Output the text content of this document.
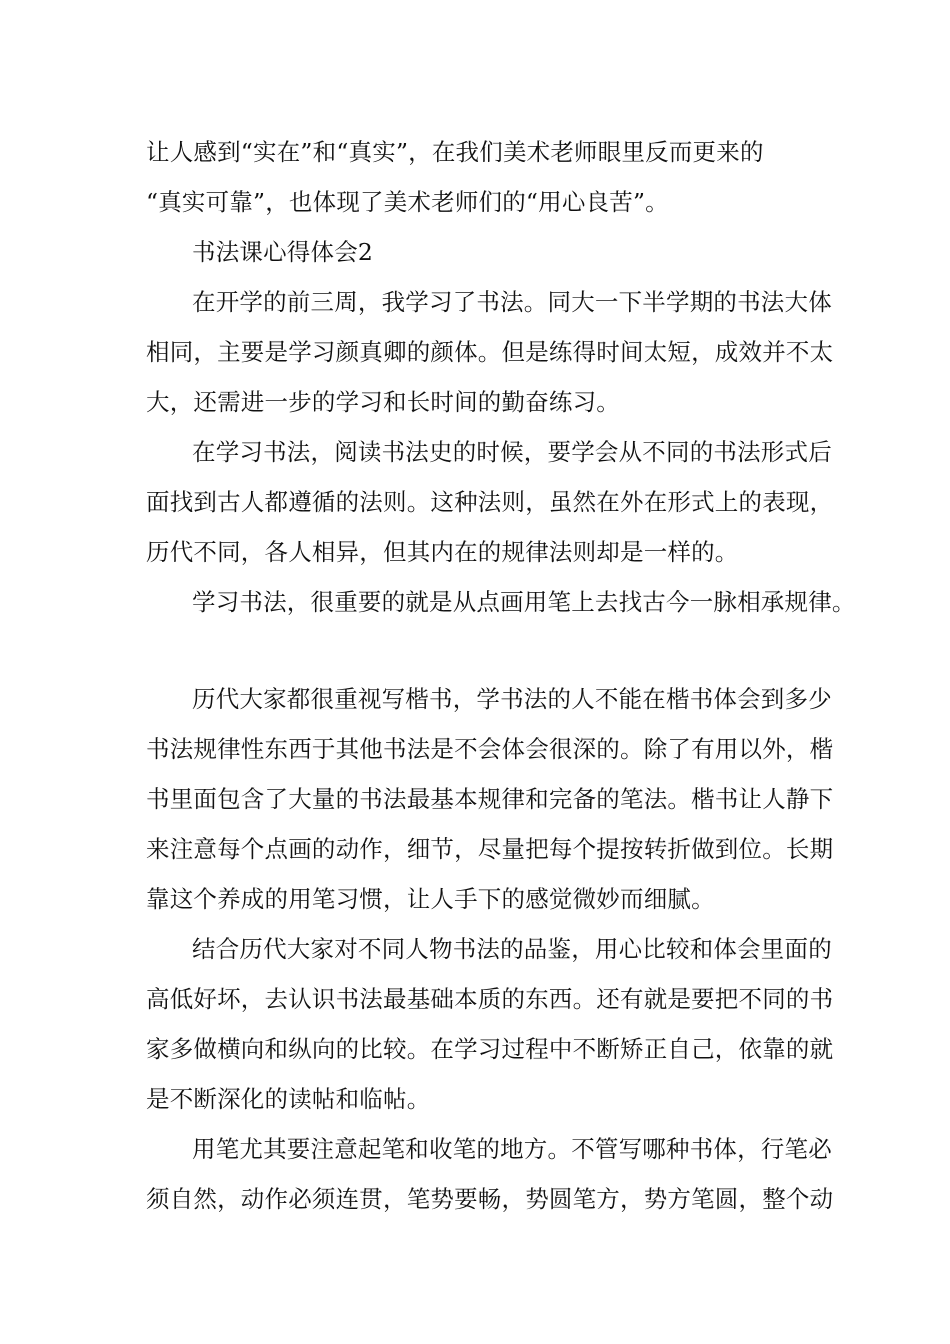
让人感到“实在”和“真实”，在我们美术老师眼里反而更来的
“真实可靠”，也体现了美术老师们的“用心良苦”。
书法课心得体会2
在开学的前三周，我学习了书法。同大一下半学期的书法大体
相同，主要是学习颜真卿的颜体。但是练得时间太短，成效并不太
大，还需进一步的学习和长时间的勤奋练习。
在学习书法，阅读书法史的时候，要学会从不同的书法形式后
面找到古人都遵循的法则。这种法则，虽然在外在形式上的表现，
历代不同，各人相异，但其内在的规律法则却是一样的。
学习书法，很重要的就是从点画用笔上去找古今一脉相承规律。
历代大家都很重视写楷书，学书法的人不能在楷书体会到多少
书法规律性东西于其他书法是不会体会很深的。除了有用以外，楷
书里面包含了大量的书法最基本规律和完备的笔法。楷书让人静下
来注意每个点画的动作，细节，尽量把每个提按转折做到位。长期
靠这个养成的用笔习惯，让人手下的感觉微妙而细腻。
结合历代大家对不同人物书法的品鉴，用心比较和体会里面的
高低好坏，去认识书法最基础本质的东西。还有就是要把不同的书
家多做横向和纵向的比较。在学习过程中不断矫正自己，依靠的就
是不断深化的读帖和临帖。
用笔尤其要注意起笔和收笔的地方。不管写哪种书体，行笔必
须自然，动作必须连贯，笔势要畅，势圆笔方，势方笔圆，整个动
